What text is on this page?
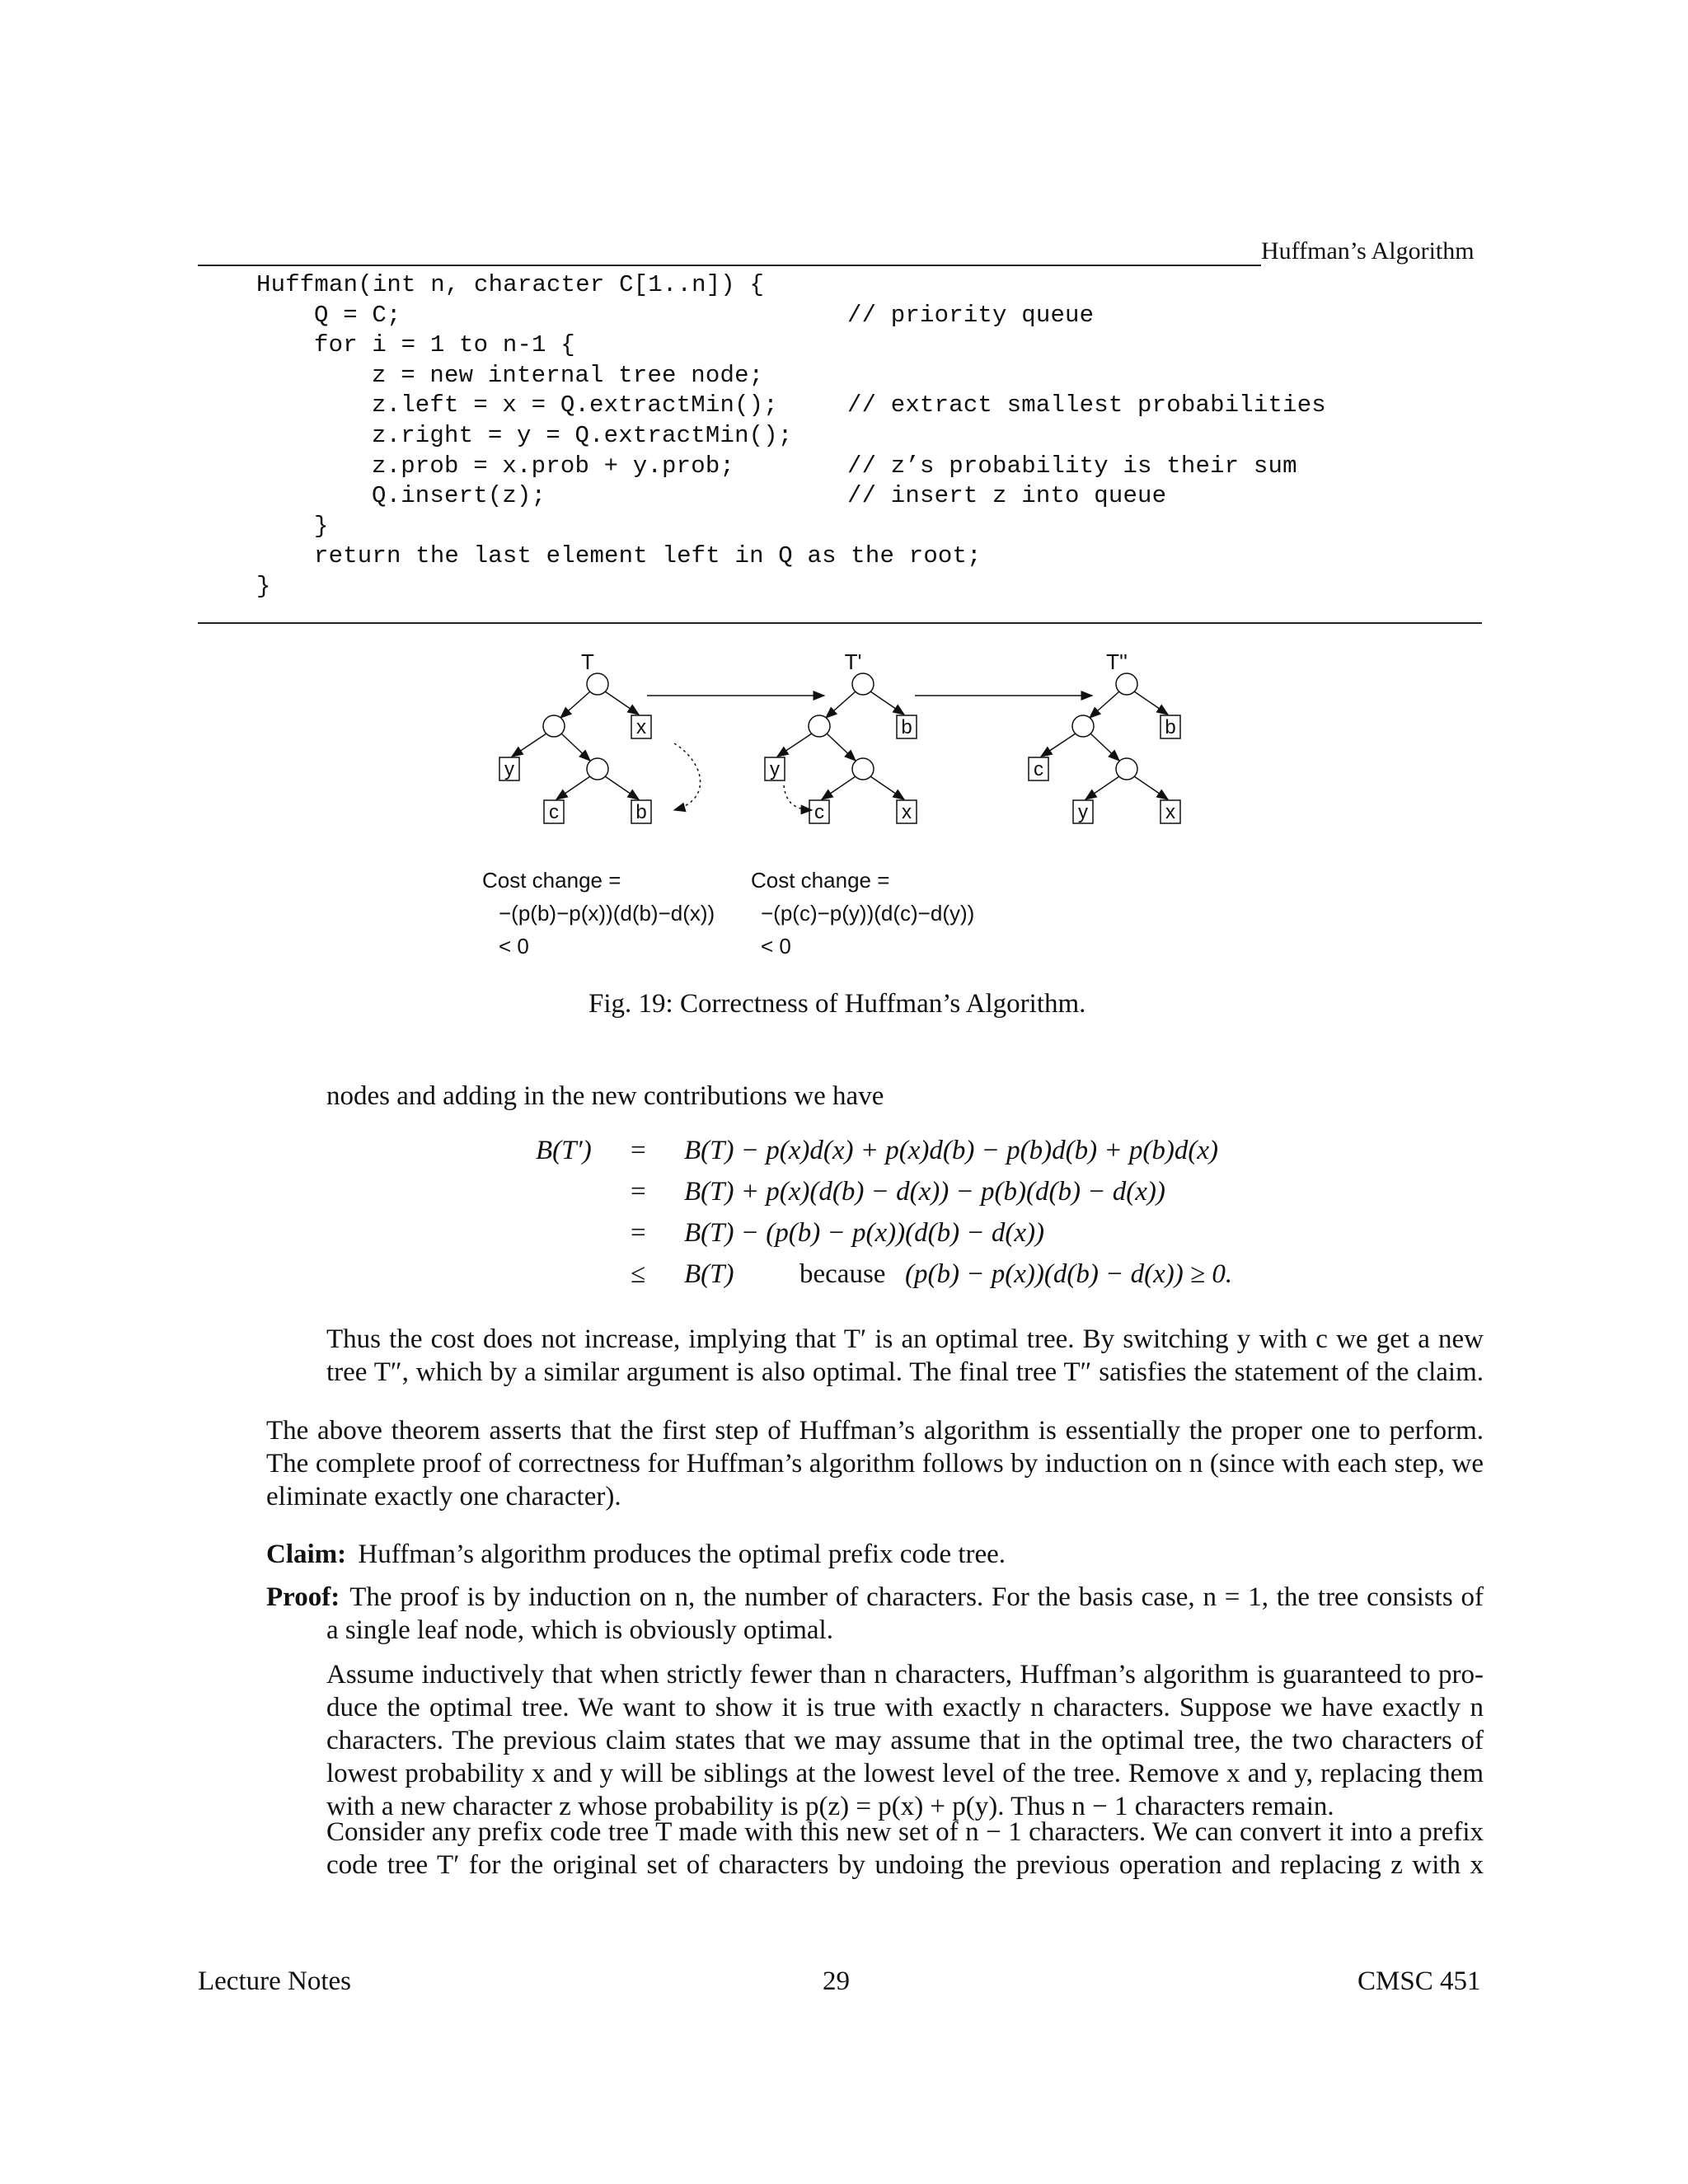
Huffman’s Algorithm
Huffman(int n, character C[1..n]) {
Q = C;	// priority queue
for i = 1 to n-1 {
z = new internal tree node;
z.left = x = Q.extractMin();	// extract smallest probabilities
z.right = y = Q.extractMin();
z.prob = x.prob + y.prob;	// z’s probability is their sum
Q.insert(z);	// insert z into queue
}
return the last element left in Q as the root;
}
T
x
y
c	b
T'
b
y
c	x
T''
b
c
y	x
Cost change =
−(p(b)−p(x))(d(b)−d(x))
< 0
Cost change =
−(p(c)−p(y))(d(c)−d(y))
< 0
Fig. 19: Correctness of Huffman’s Algorithm.
nodes and adding in the new contributions we have
B(T′) = B(T) − p(x)d(x) + p(x)d(b) − p(b)d(b) + p(b)d(x)
= B(T) + p(x)(d(b) − d(x)) − p(b)(d(b) − d(x))
= B(T) − (p(b) − p(x))(d(b) − d(x))
≤ B(T) because (p(b) − p(x))(d(b) − d(x)) ≥ 0.
Thus the cost does not increase, implying that T′ is an optimal tree. By switching y with c we get a new
tree T″, which by a similar argument is also optimal. The final tree T″ satisfies the statement of the claim.
The above theorem asserts that the first step of Huffman’s algorithm is essentially the proper one to perform.
The complete proof of correctness for Huffman’s algorithm follows by induction on n (since with each step, we
eliminate exactly one character).
Claim: Huffman’s algorithm produces the optimal prefix code tree.
Proof: The proof is by induction on n, the number of characters. For the basis case, n = 1, the tree consists of
a single leaf node, which is obviously optimal.
Assume inductively that when strictly fewer than n characters, Huffman’s algorithm is guaranteed to pro-
duce the optimal tree. We want to show it is true with exactly n characters. Suppose we have exactly n
characters. The previous claim states that we may assume that in the optimal tree, the two characters of
lowest probability x and y will be siblings at the lowest level of the tree. Remove x and y, replacing them
with a new character z whose probability is p(z) = p(x) + p(y). Thus n − 1 characters remain.
Consider any prefix code tree T made with this new set of n − 1 characters. We can convert it into a prefix
code tree T′ for the original set of characters by undoing the previous operation and replacing z with x
Lecture Notes	29	CMSC 451
